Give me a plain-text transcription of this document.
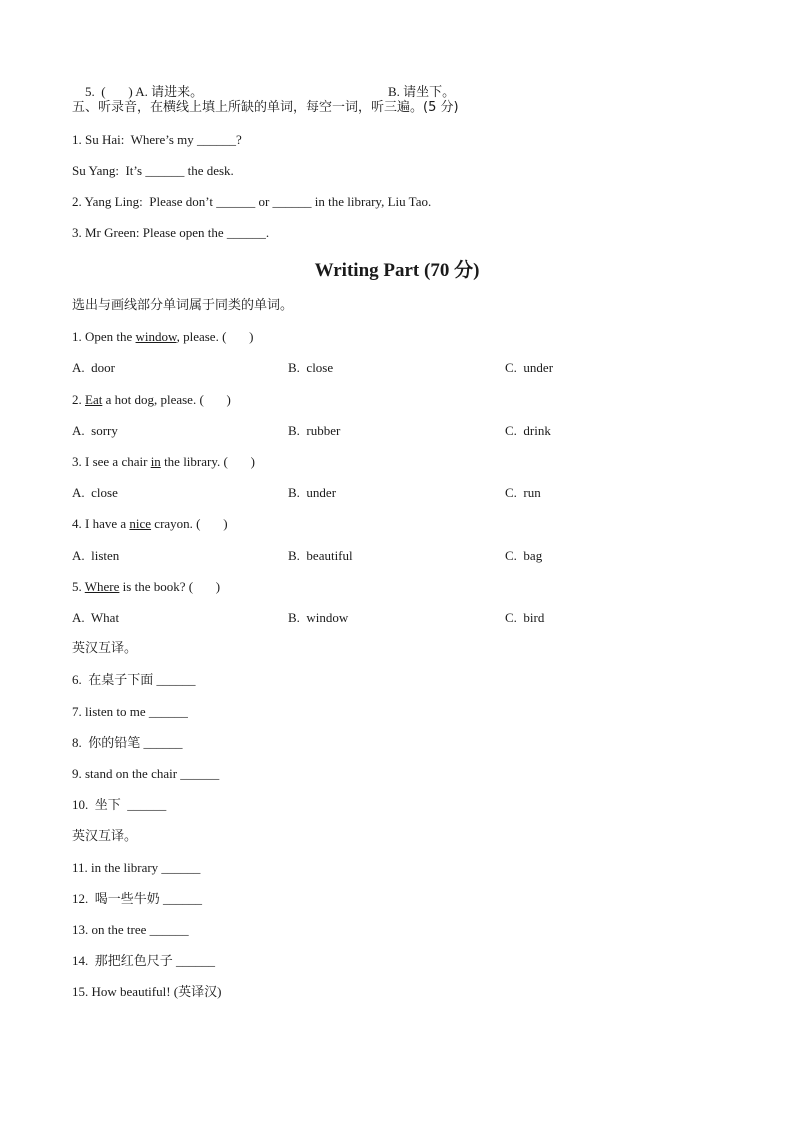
5.  (       ) A. 请进来。
	B. 请坐下。

五、听录音，在横线上填上所缺的单词，每空一词，听三遍。(5 分)
1. Su Hai:  Where’s my ______?
Su Yang:  It’s ______ the desk.
2. Yang Ling:  Please don’t ______ or ______ in the library, Liu Tao.
3. Mr Green: Please open the ______.
Writing Part (70 分)
选出与画线部分单词属于同类的单词。
1. Open the window, please. (       )
A.  door	B.  close	C.  under
2. Eat a hot dog, please. (       )
A.  sorry	B.  rubber	C.  drink
3. I see a chair in the library. (       )
A.  close	B.  under	C.  run
4. I have a nice crayon. (       )
A.  listen	B.  beautiful	C.  bag
5. Where is the book? (       )
A.  What	B.  window	C.  bird
英汉互译。
6.  在桌子下面 ______
7. listen to me ______
8.  你的铅笔 ______
9. stand on the chair ______
10.  坐下  ______
英汉互译。
11. in the library ______
12.  喝一些牛奶 ______
13. on the tree ______
14.  那把红色尺子 ______
15. How beautiful! (英译汉)
